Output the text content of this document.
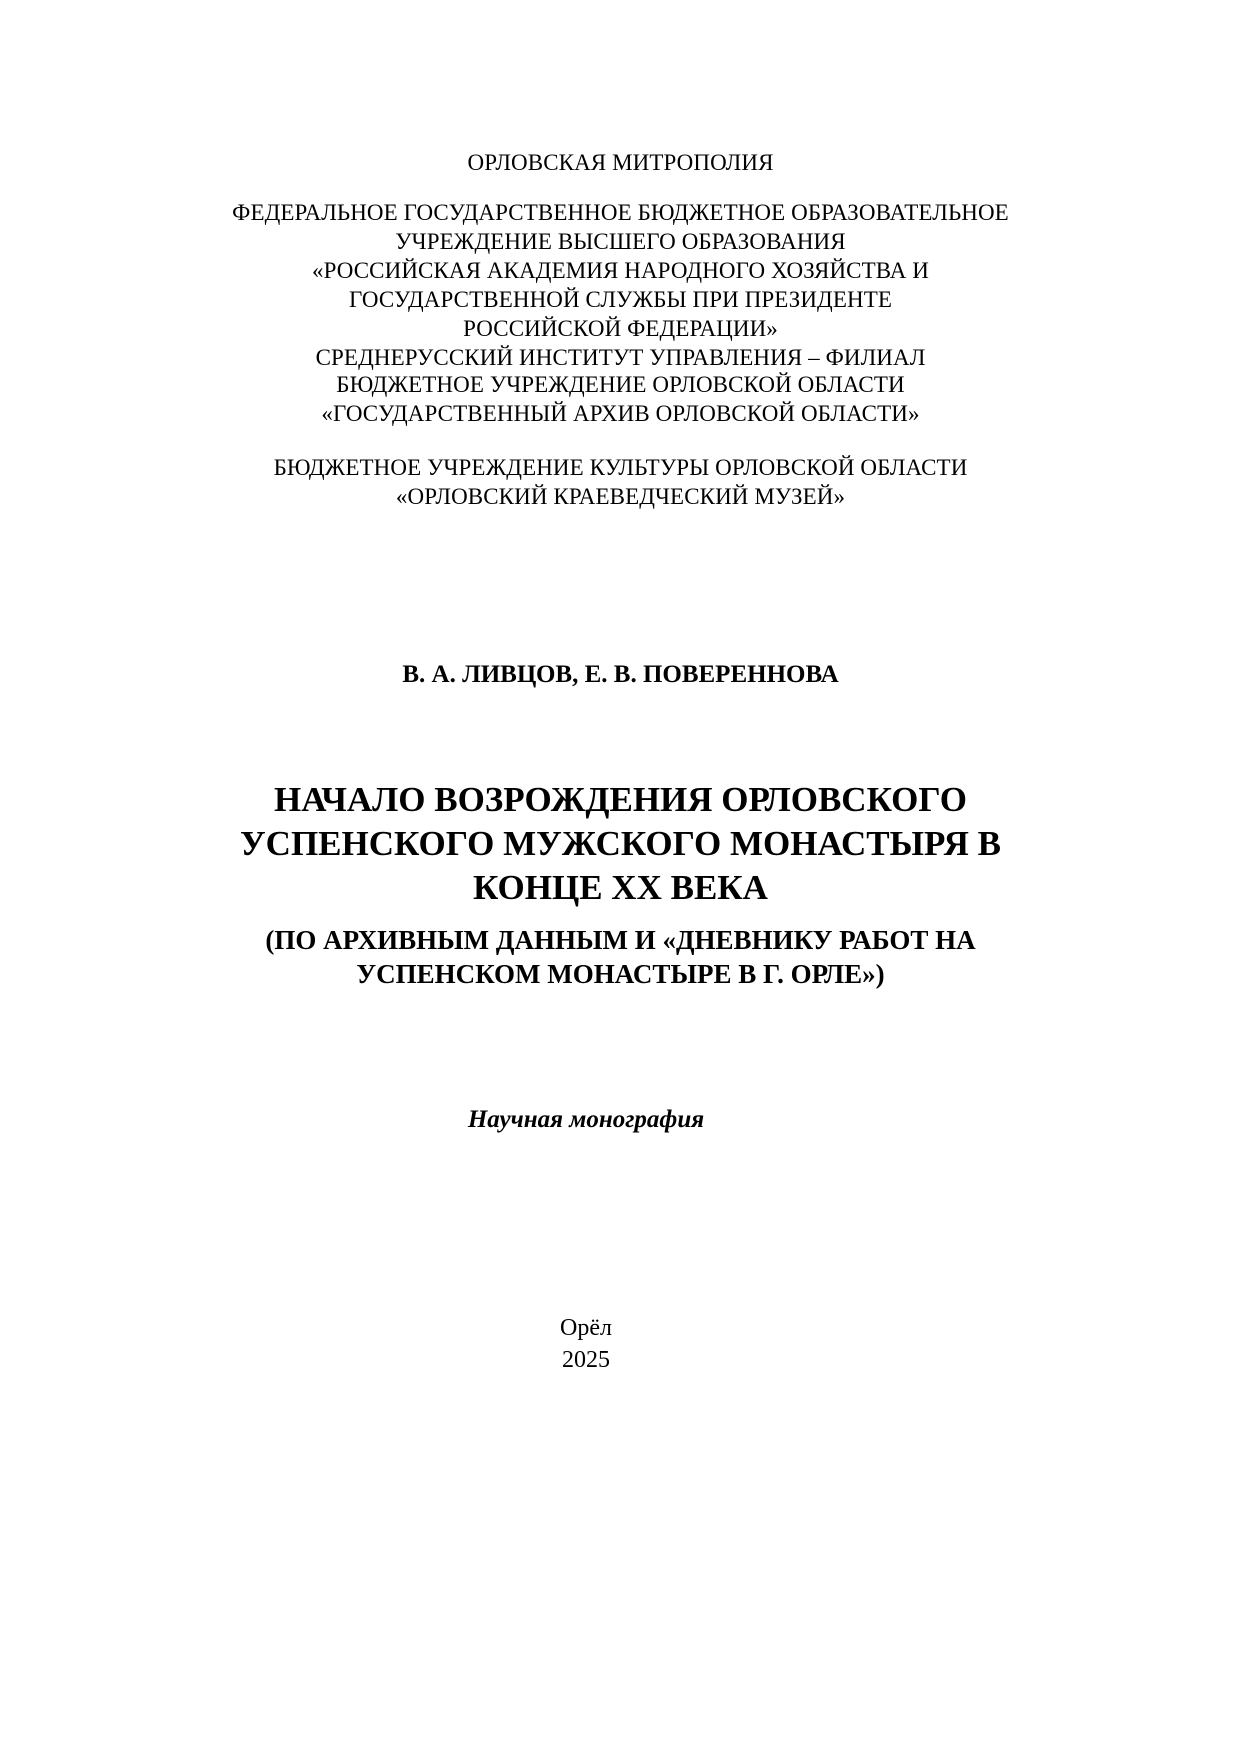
ОРЛОВСКАЯ МИТРОПОЛИЯ
ФЕДЕРАЛЬНОЕ ГОСУДАРСТВЕННОЕ БЮДЖЕТНОЕ ОБРАЗОВАТЕЛЬНОЕ
УЧРЕЖДЕНИЕ ВЫСШЕГО ОБРАЗОВАНИЯ
«РОССИЙСКАЯ АКАДЕМИЯ НАРОДНОГО ХОЗЯЙСТВА И
ГОСУДАРСТВЕННОЙ СЛУЖБЫ ПРИ ПРЕЗИДЕНТЕ
РОССИЙСКОЙ ФЕДЕРАЦИИ»
СРЕДНЕРУССКИЙ ИНСТИТУТ УПРАВЛЕНИЯ – ФИЛИАЛ
БЮДЖЕТНОЕ УЧРЕЖДЕНИЕ ОРЛОВСКОЙ ОБЛАСТИ
«ГОСУДАРСТВЕННЫЙ АРХИВ ОРЛОВСКОЙ ОБЛАСТИ»
БЮДЖЕТНОЕ УЧРЕЖДЕНИЕ КУЛЬТУРЫ ОРЛОВСКОЙ ОБЛАСТИ
«ОРЛОВСКИЙ КРАЕВЕДЧЕСКИЙ МУЗЕЙ»
В. А. ЛИВЦОВ, Е. В. ПОВЕРЕННОВА
НАЧАЛО ВОЗРОЖДЕНИЯ ОРЛОВСКОГО
УСПЕНСКОГО МУЖСКОГО МОНАСТЫРЯ В
КОНЦЕ XX ВЕКА
(ПО АРХИВНЫМ ДАННЫМ И «ДНЕВНИКУ РАБОТ НА
УСПЕНСКОМ МОНАСТЫРЕ В Г. ОРЛЕ»)
Научная монография
Орёл
2025
